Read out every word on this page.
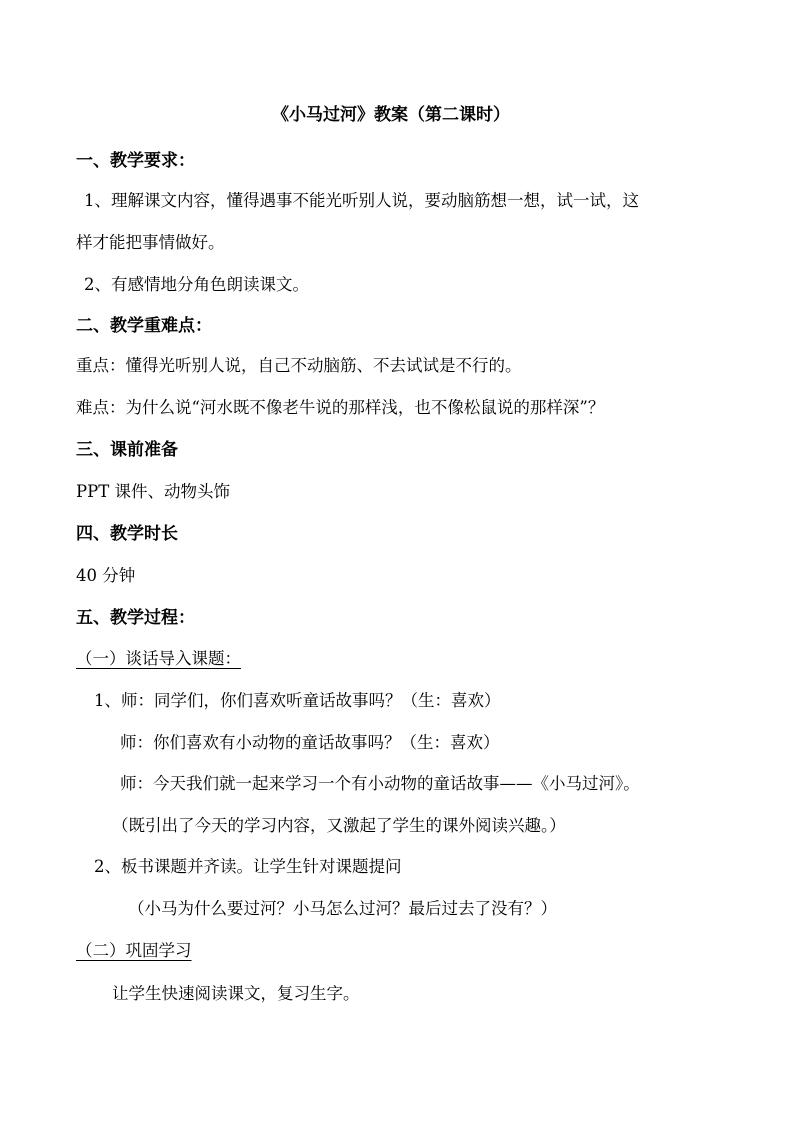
《小马过河》教案（第二课时）
一、教学要求：
1、理解课文内容，懂得遇事不能光听别人说，要动脑筋想一想，试一试，这
样才能把事情做好。
2、有感情地分角色朗读课文。
二、教学重难点：
重点：懂得光听别人说，自己不动脑筋、不去试试是不行的。
难点：为什么说“河水既不像老牛说的那样浅，也不像松鼠说的那样深”？
三、课前准备
PPT 课件、动物头饰
四、教学时长
40 分钟
五、教学过程：
（一）谈话导入课题：
1、师：同学们，你们喜欢听童话故事吗？（生：喜欢）
师：你们喜欢有小动物的童话故事吗？（生：喜欢）
师：今天我们就一起来学习一个有小动物的童话故事——《小马过河》。
（既引出了今天的学习内容，又激起了学生的课外阅读兴趣。）
2、板书课题并齐读。让学生针对课题提问
（小马为什么要过河？小马怎么过河？最后过去了没有？）
（二）巩固学习
让学生快速阅读课文，复习生字。
